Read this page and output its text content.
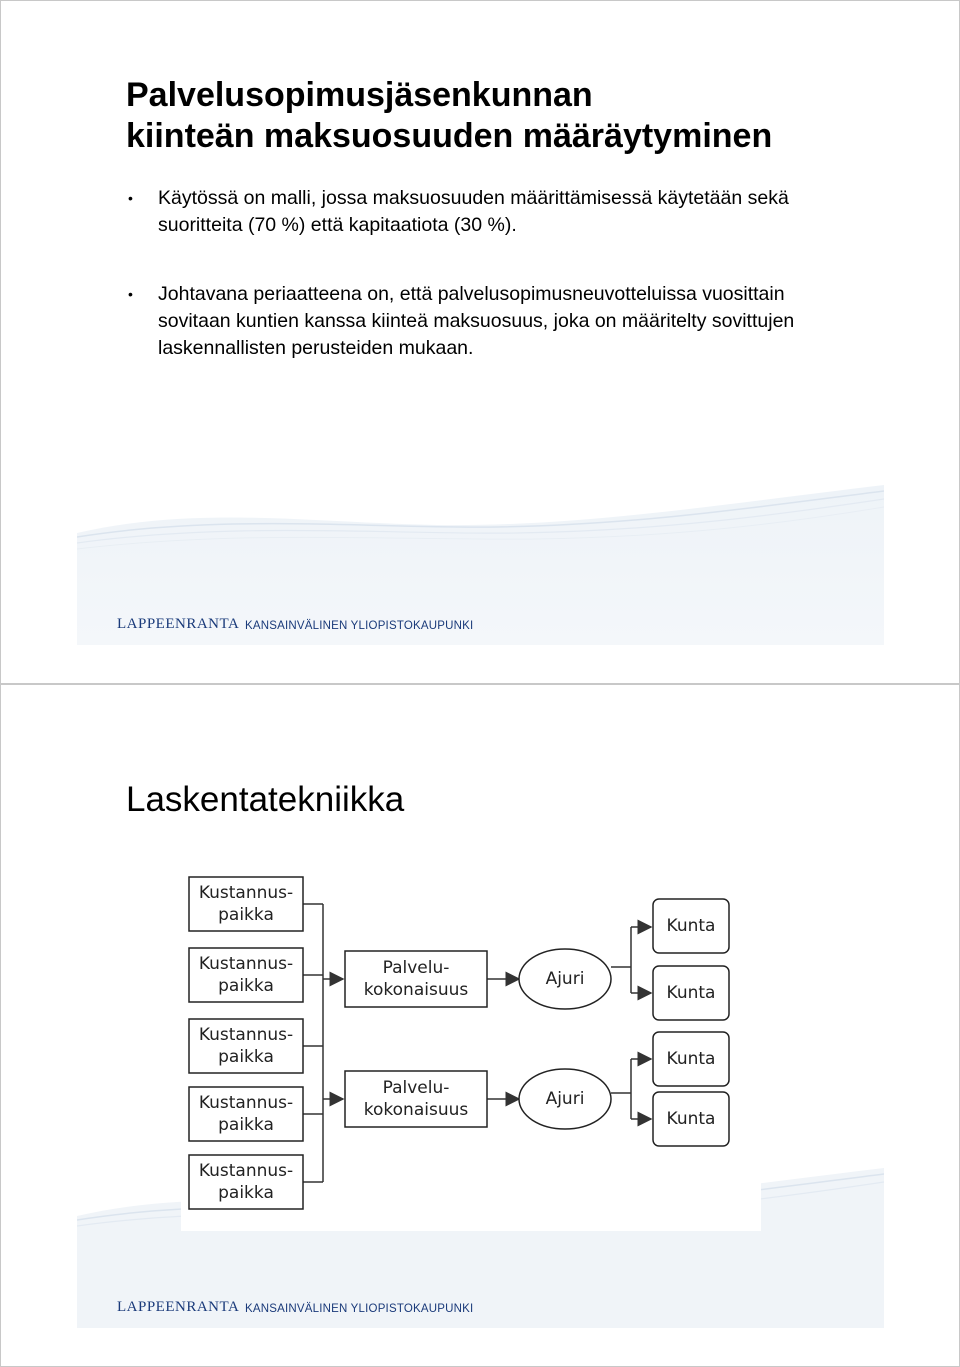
Palvelusopimusjäsenkunnan
kiinteän maksuosuuden määräytyminen
• Käytössä on malli, jossa maksuosuuden määrittämisessä käytetään sekä suoritteita (70 %) että kapitaatiota (30 %).
• Johtavana periaatteena on, että palvelusopimusneuvotteluissa vuosittain sovitaan kuntien kanssa kiinteä maksuosuus, joka on määritelty sovittujen laskennallisten perusteiden mukaan.
LAPPEENRANTA KANSAINVÄLINEN YLIOPISTOKAUPUNKI
Laskentatekniikka
LAPPEENRANTA KANSAINVÄLINEN YLIOPISTOKAUPUNKI
Kustannus-
paikka
Kustannus-
paikka
Kustannus-
paikka
Kustannus-
paikka
Kustannus-
paikka
Palvelu-
kokonaisuus
Palvelu-
kokonaisuus
Ajuri
Ajuri
Kunta
Kunta
Kunta
Kunta
